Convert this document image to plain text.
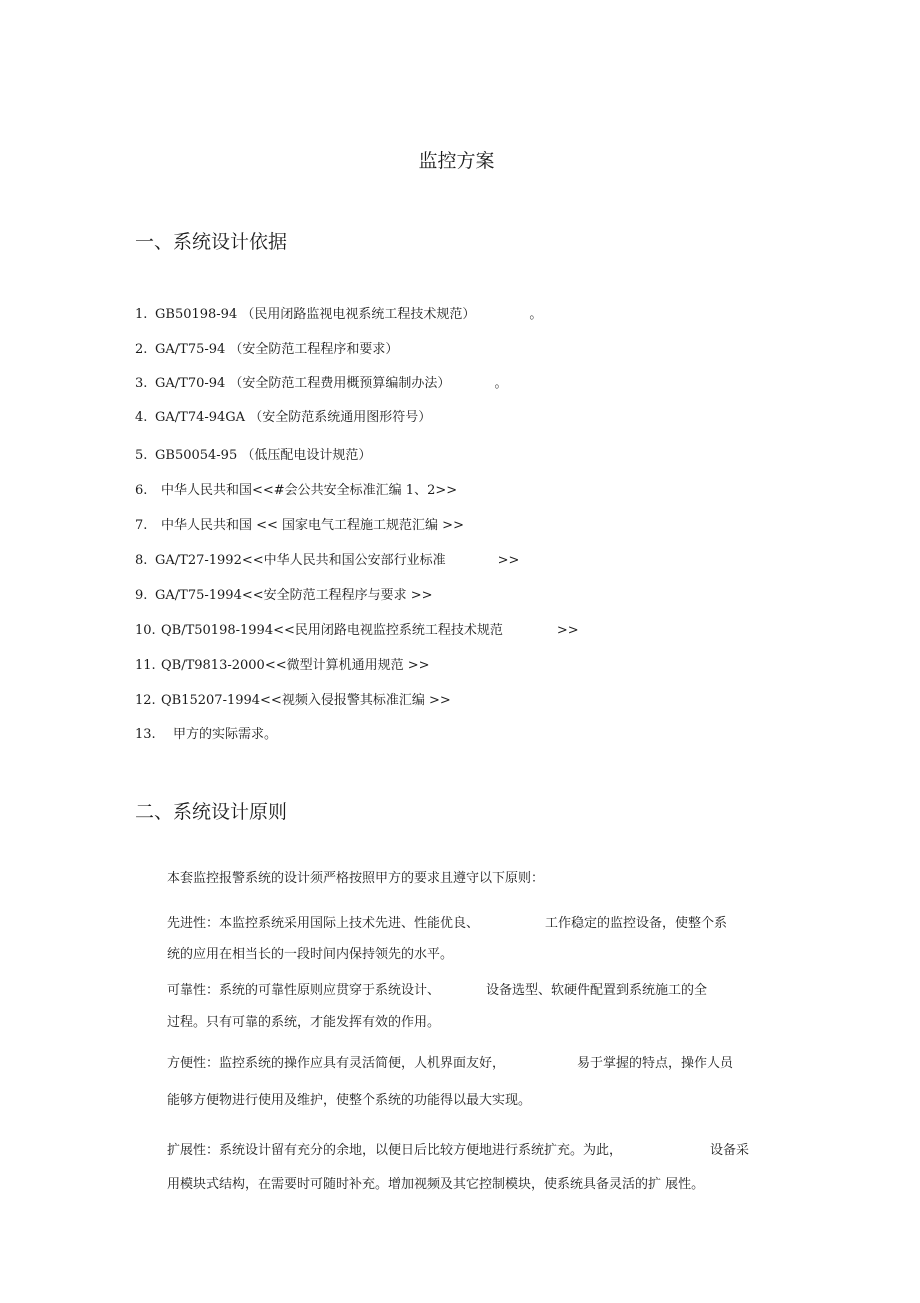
监控方案
一、系统设计依据
1. GB50198-94 （民用闭路监视电视系统工程技术规范）	。
2. GA/T75-94 （安全防范工程程序和要求）
3. GA/T70-94 （安全防范工程费用概预算编制办法）	。
4. GA/T74-94GA （安全防范系统通用图形符号）
5. GB50054-95 （低压配电设计规范）
6. 中华人民共和国<<#会公共安全标准汇编 1、2>>
7. 中华人民共和国 << 国家电气工程施工规范汇编 >>
8. GA/T27-1992<<中华人民共和国公安部行业标准	>>
9. GA/T75-1994<<安全防范工程程序与要求 >>
10. QB/T50198-1994<<民用闭路电视监控系统工程技术规范	>>
11. QB/T9813-2000<<微型计算机通用规范 >>
12. QB15207-1994<<视频入侵报警其标准汇编 >>
13. 甲方的实际需求。
二、系统设计原则
本套监控报警系统的设计须严格按照甲方的要求且遵守以下原则：
先进性：本监控系统采用国际上技术先进、性能优良、	工作稳定的监控设备，使整个系
统的应用在相当长的一段时间内保持领先的水平。
可靠性：系统的可靠性原则应贯穿于系统设计、	设备选型、软硬件配置到系统施工的全
过程。只有可靠的系统，才能发挥有效的作用。
方便性：监控系统的操作应具有灵活简便，人机界面友好，	易于掌握的特点，操作人员
能够方便物进行使用及维护，使整个系统的功能得以最大实现。
扩展性：系统设计留有充分的余地，以便日后比较方便地进行系统扩充。为此，	设备采
用模块式结构，在需要时可随时补充。增加视频及其它控制模块，使系统具备灵活的扩 展性。
